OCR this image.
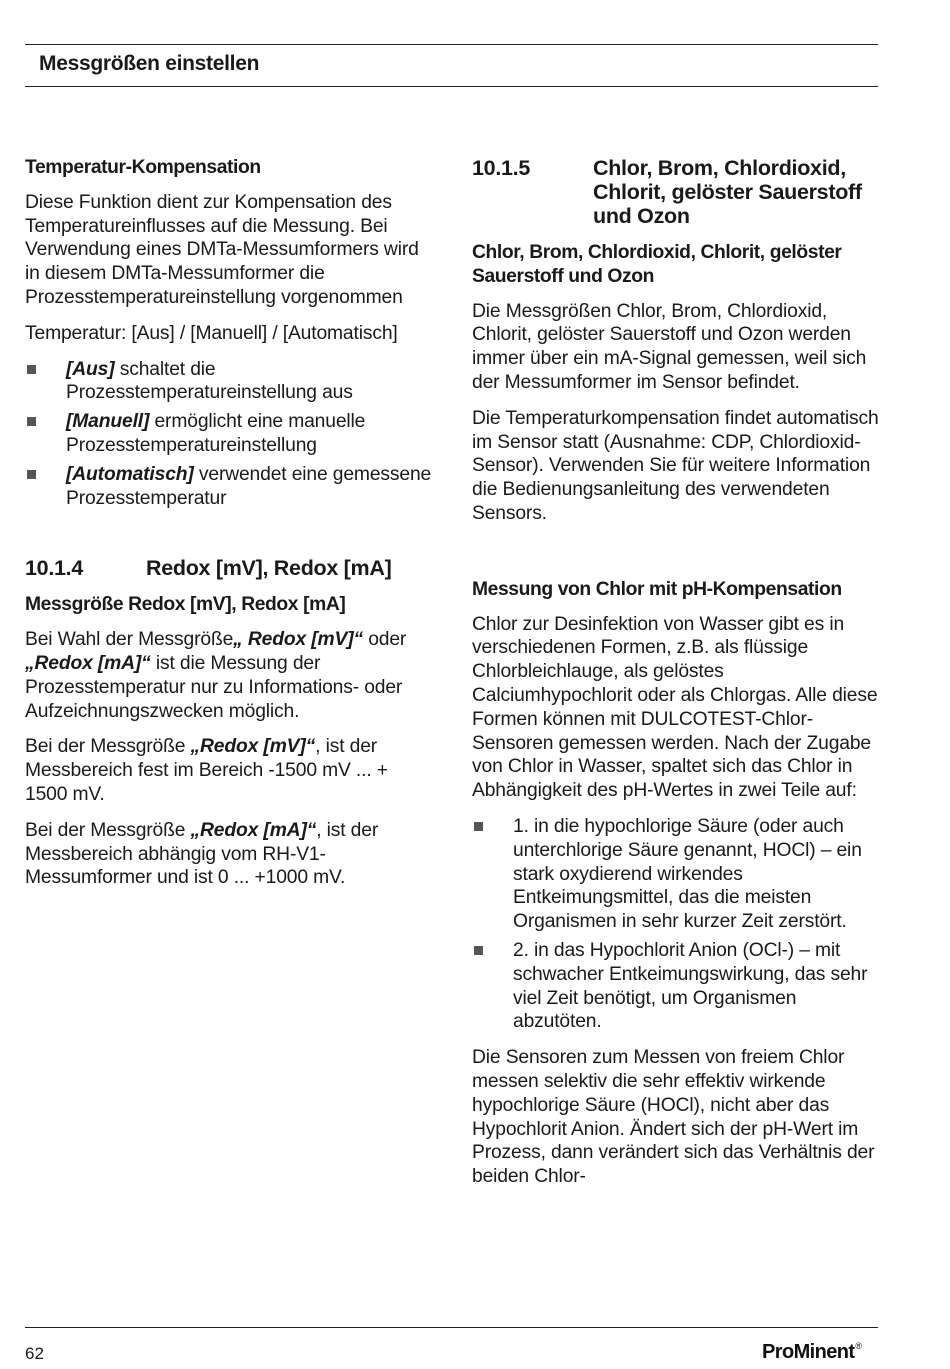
Messgrößen einstellen
Temperatur-Kompensation

Diese Funktion dient zur Kompensation des Temperatureinflusses auf die Messung. Bei Verwendung eines DMTa-Messumformers wird in diesem DMTa-Messumformer die Prozesstemperatureinstellung vorgenommen

Temperatur: [Aus] / [Manuell] / [Automatisch]

[Aus] schaltet die Prozesstemperatureinstellung aus
[Manuell] ermöglicht eine manuelle Prozesstemperatureinstellung
[Automatisch] verwendet eine gemessene Prozesstemperatur
10.1.4	Redox [mV], Redox [mA]
Messgröße Redox [mV], Redox [mA]

Bei Wahl der Messgröße„ Redox [mV]“ oder „Redox [mA]“ ist die Messung der Prozesstemperatur nur zu Informations- oder Aufzeichnungszwecken möglich.

Bei der Messgröße „Redox [mV]“, ist der Messbereich fest im Bereich -1500 mV ... + 1500 mV.

Bei der Messgröße „Redox [mA]“, ist der Messbereich abhängig vom RH-V1-Messumformer und ist 0 ... +1000 mV.

10.1.5	Chlor, Brom, Chlordioxid, Chlorit, gelöster Sauerstoff und Ozon
Chlor, Brom, Chlordioxid, Chlorit, gelöster Sauerstoff und Ozon

Die Messgrößen Chlor, Brom, Chlordioxid, Chlorit, gelöster Sauerstoff und Ozon werden immer über ein mA-Signal gemessen, weil sich der Messumformer im Sensor befindet.

Die Temperaturkompensation findet automatisch im Sensor statt (Ausnahme: CDP, Chlordioxid-Sensor). Verwenden Sie für weitere Information die Bedienungsanleitung des verwendeten Sensors.

Messung von Chlor mit pH-Kompensation

Chlor zur Desinfektion von Wasser gibt es in verschiedenen Formen, z.B. als flüssige Chlorbleichlauge, als gelöstes Calciumhypochlorit oder als Chlorgas. Alle diese Formen können mit DULCOTEST-Chlor-Sensoren gemessen werden. Nach der Zugabe von Chlor in Wasser, spaltet sich das Chlor in Abhängigkeit des pH-Wertes in zwei Teile auf:

1. in die hypochlorige Säure (oder auch unterchlorige Säure genannt, HOCl) – ein stark oxydierend wirkendes Entkeimungsmittel, das die meisten Organismen in sehr kurzer Zeit zerstört.
2. in das Hypochlorit Anion (OCl-) – mit schwacher Entkeimungswirkung, das sehr viel Zeit benötigt, um Organismen abzutöten.

Die Sensoren zum Messen von freiem Chlor messen selektiv die sehr effektiv wirkende hypochlorige Säure (HOCl), nicht aber das Hypochlorit Anion. Ändert sich der pH-Wert im Prozess, dann verändert sich das Verhältnis der beiden Chlor-

62	ProMinent®
